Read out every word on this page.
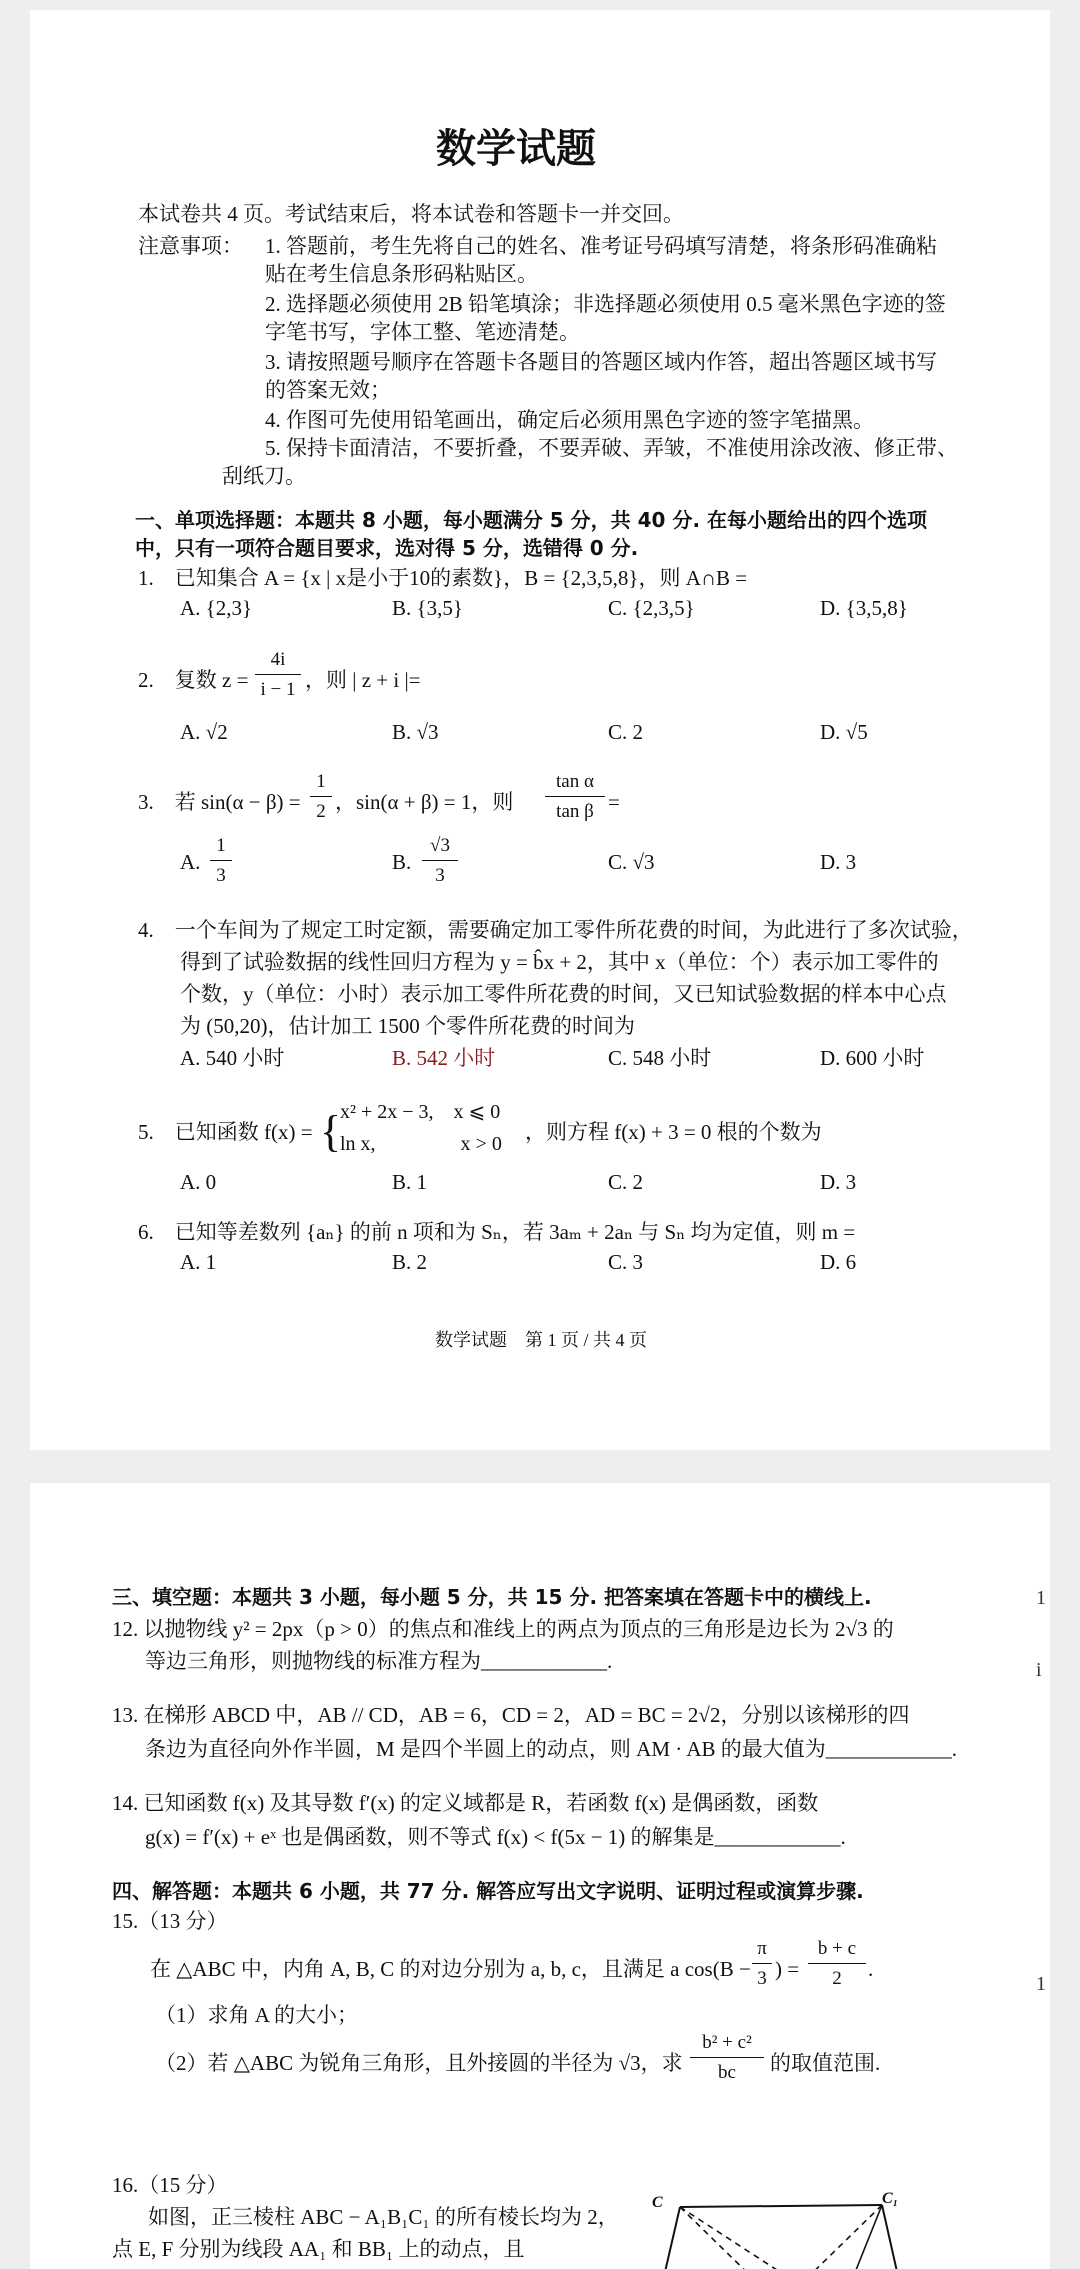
数学试题
本试卷共 4 页。考试结束后，将本试卷和答题卡一并交回。
注意事项： 1. 答题前，考生先将自己的姓名、准考证号码填写清楚，将条形码准确粘
贴在考生信息条形码粘贴区。
2. 选择题必须使用 2B 铅笔填涂；非选择题必须使用 0.5 毫米黑色字迹的签
字笔书写，字体工整、笔迹清楚。
3. 请按照题号顺序在答题卡各题目的答题区域内作答，超出答题区域书写
的答案无效；
4. 作图可先使用铅笔画出，确定后必须用黑色字迹的签字笔描黑。
5. 保持卡面清洁，不要折叠，不要弄破、弄皱，不准使用涂改液、修正带、
刮纸刀。
一、单项选择题：本题共 8 小题，每小题满分 5 分，共 40 分. 在每小题给出的四个选项
中，只有一项符合题目要求，选对得 5 分，选错得 0 分.
1.　已知集合 A = {x | x是小于10的素数}，B = {2,3,5,8}，则 A∩B =
A. {2,3}	B. {3,5}	C. {2,3,5}	D. {3,5,8}
2.　复数 z =
4i
i − 1 ，则 | z + i |=
A. √2	B. √3	C. 2	D. √5
3.　若 sin(α − β) =
1
2 ，sin(α + β) = 1，则
tan α
tan β =
A.
1
3
B.
√3
3
C. √3	D. 3
4.　一个车间为了规定工时定额，需要确定加工零件所花费的时间，为此进行了多次试验，
得到了试验数据的线性回归方程为 y = b̂x + 2，其中 x（单位：个）表示加工零件的
个数，y（单位：小时）表示加工零件所花费的时间，又已知试验数据的样本中心点
为 (50,20)，估计加工 1500 个零件所花费的时间为
A. 540 小时	B. 542 小时	C. 548 小时	D. 600 小时
5.　已知函数 f(x) = {
x² + 2x − 3,　x ⩽ 0
ln x,　　　　 x > 0 ，则方程 f(x) + 3 = 0 根的个数为
A. 0	B. 1	C. 2	D. 3
6.　已知等差数列 {aₙ} 的前 n 项和为 Sₙ，若 3aₘ + 2aₙ 与 Sₙ 均为定值，则 m =
A. 1	B. 2	C. 3	D. 6
数学试题　第 1 页 / 共 4 页
三、填空题：本题共 3 小题，每小题 5 分，共 15 分. 把答案填在答题卡中的横线上.
12. 以抛物线 y² = 2px（p > 0）的焦点和准线上的两点为顶点的三角形是边长为 2√3 的
等边三角形，则抛物线的标准方程为____________.
13. 在梯形 ABCD 中，AB // CD，AB = 6，CD = 2，AD = BC = 2√2，分别以该梯形的四
条边为直径向外作半圆，M 是四个半圆上的动点，则 AM · AB 的最大值为____________.
14. 已知函数 f(x) 及其导数 f′(x) 的定义域都是 R，若函数 f(x) 是偶函数，函数
g(x) = f′(x) + eˣ 也是偶函数，则不等式 f(x) < f(5x − 1) 的解集是____________.
四、解答题：本题共 6 小题，共 77 分. 解答应写出文字说明、证明过程或演算步骤.
15.（13 分）
在 △ABC 中，内角 A, B, C 的对边分别为 a, b, c，且满足 a cos(B −
π
3 ) =
b + c
2	.
（1）求角 A 的大小；
（2）若 △ABC 为锐角三角形，且外接圆的半径为 √3，求
b² + c²
bc	的取值范围.
16.（15 分）
如图，正三棱柱 ABC − A₁B₁C₁ 的所有棱长均为 2，
点 E, F 分别为线段 AA₁ 和 BB₁ 上的动点，且
C	C₁
1
i
1
